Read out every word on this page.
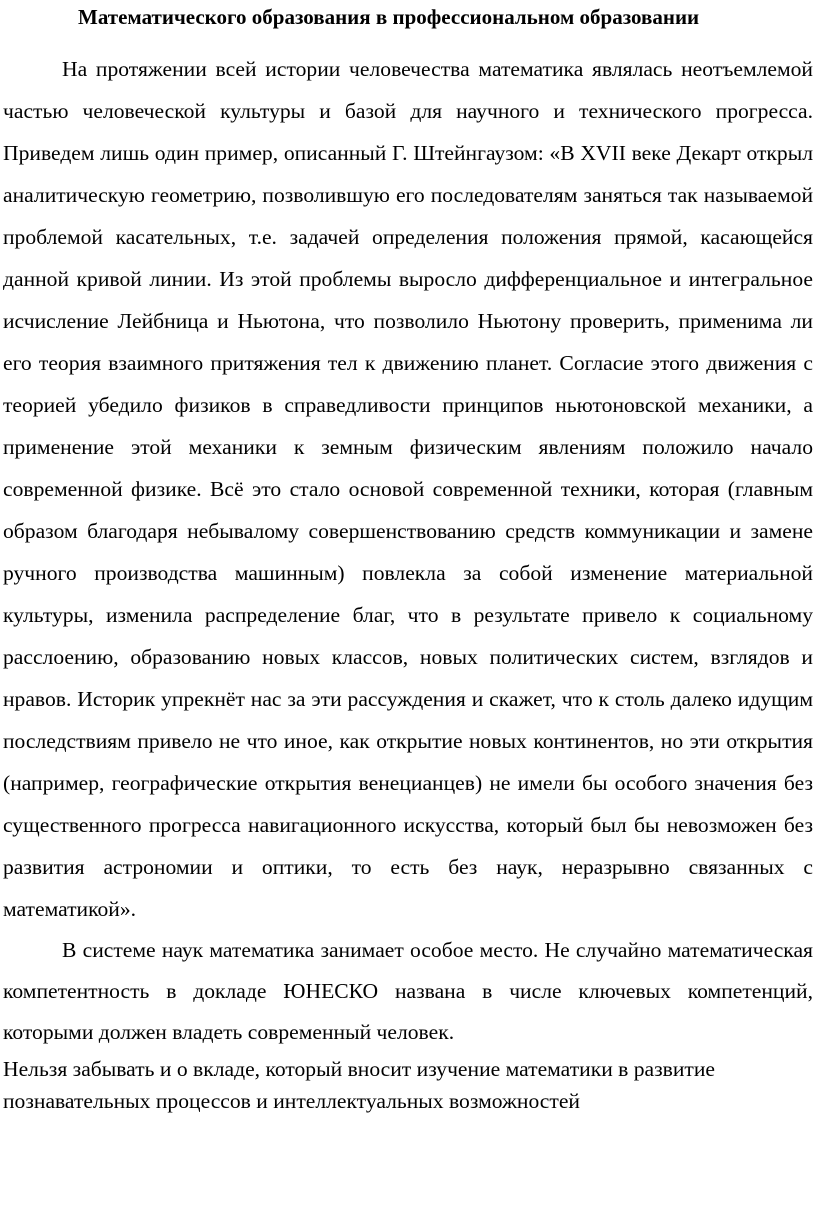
Математического образования в профессиональном образовании

На протяжении всей истории человечества математика являлась неотъемлемой частью человеческой культуры и базой для научного и технического прогресса. Приведем лишь один пример, описанный Г. Штейнгаузом: «В XVII веке Декарт открыл аналитическую геометрию, позволившую его последователям заняться так называемой проблемой касательных, т.е. задачей определения положения прямой, касающейся данной кривой линии. Из этой проблемы выросло дифференциальное и интегральное исчисление Лейбница и Ньютона, что позволило Ньютону проверить, применима ли его теория взаимного притяжения тел к движению планет. Согласие этого движения с теорией убедило физиков в справедливости принципов ньютоновской механики, а применение этой механики к земным физическим явлениям положило начало современной физике. Всё это стало основой современной техники, которая (главным образом благодаря небывалому совершенствованию средств коммуникации и замене ручного производства машинным) повлекла за собой изменение материальной культуры, изменила распределение благ, что в результате привело к социальному расслоению, образованию новых классов, новых политических систем, взглядов и нравов. Историк упрекнёт нас за эти рассуждения и скажет, что к столь далеко идущим последствиям привело не что иное, как открытие новых континентов, но эти открытия (например, географические открытия венецианцев) не имели бы особого значения без существенного прогресса навигационного искусства, который был бы невозможен без развития астрономии и оптики, то есть без наук, неразрывно связанных с математикой».

В системе наук математика занимает особое место. Не случайно математическая компетентность в докладе ЮНЕСКО названа в числе ключевых компетенций, которыми должен владеть современный человек.

Нельзя забывать и о вкладе, который вносит изучение математики в развитие познавательных процессов и интеллектуальных возможностей
